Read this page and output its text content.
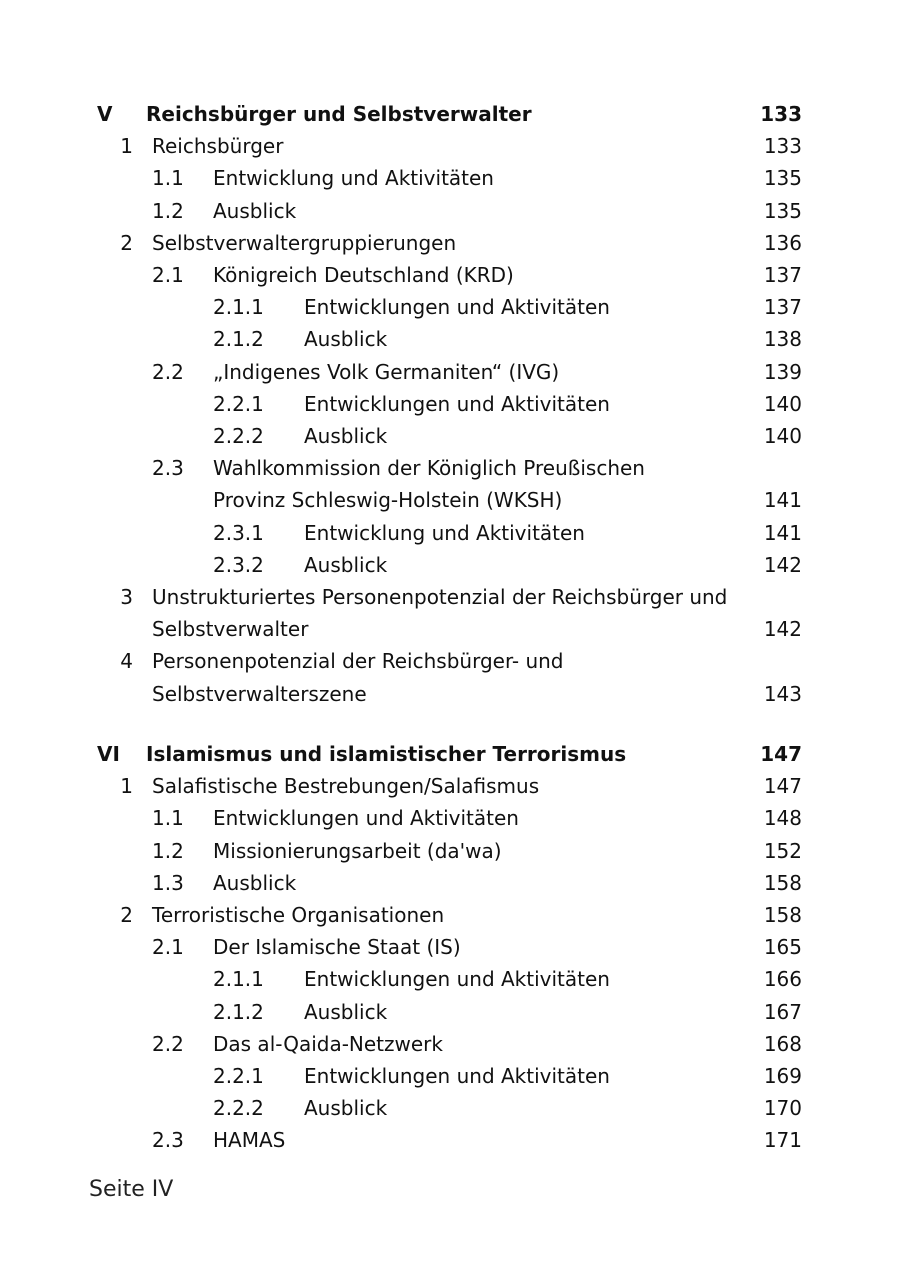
Seite IV
V Reichsbürger und Selbstverwalter	133
1 Reichsbürger	133
1.1 Entwicklung und Aktivitäten	135
1.2 Ausblick	135
2 Selbstverwaltergruppierungen	136
2.1 Königreich Deutschland (KRD)	137
2.1.1 Entwicklungen und Aktivitäten	137
2.1.2 Ausblick	138
2.2 „Indigenes Volk Germaniten“ (IVG)	139
2.2.1 Entwicklungen und Aktivitäten	140
2.2.2 Ausblick	140
2.3 Wahlkommission der Königlich Preußischen
Provinz Schleswig-Holstein (WKSH)	141
2.3.1 Entwicklung und Aktivitäten	141
2.3.2 Ausblick	142
3 Unstrukturiertes Personenpotenzial der Reichsbürger und
Selbstverwalter	142
4 Personenpotenzial der Reichsbürger- und
Selbstverwalterszene	143
VI Islamismus und islamistischer Terrorismus	147
1 Salafistische Bestrebungen/Salafismus	147
1.1 Entwicklungen und Aktivitäten	148
1.2 Missionierungsarbeit (da'wa)	152
1.3 Ausblick	158
2 Terroristische Organisationen	158
2.1 Der Islamische Staat (IS)	165
2.1.1 Entwicklungen und Aktivitäten	166
2.1.2 Ausblick	167
2.2 Das al-Qaida-Netzwerk	168
2.2.1 Entwicklungen und Aktivitäten	169
2.2.2 Ausblick	170
2.3 HAMAS	171
